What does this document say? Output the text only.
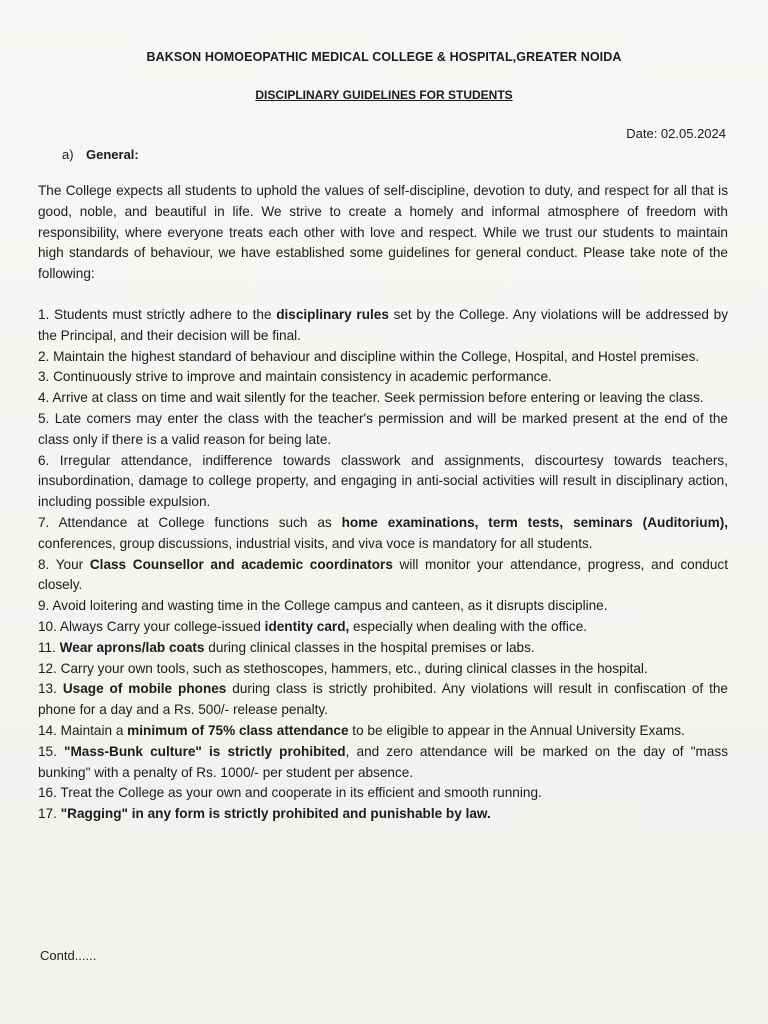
BAKSON HOMOEOPATHIC MEDICAL COLLEGE & HOSPITAL,GREATER NOIDA
DISCIPLINARY GUIDELINES FOR STUDENTS
Date: 02.05.2024
a) General:

The College expects all students to uphold the values of self-discipline, devotion to duty, and respect for all that is good, noble, and beautiful in life. We strive to create a homely and informal atmosphere of freedom with responsibility, where everyone treats each other with love and respect. While we trust our students to maintain high standards of behaviour, we have established some guidelines for general conduct. Please take note of the following:

1. Students must strictly adhere to the disciplinary rules set by the College. Any violations will be addressed by the Principal, and their decision will be final.
2. Maintain the highest standard of behaviour and discipline within the College, Hospital, and Hostel premises.
3. Continuously strive to improve and maintain consistency in academic performance.
4. Arrive at class on time and wait silently for the teacher. Seek permission before entering or leaving the class.
5. Late comers may enter the class with the teacher's permission and will be marked present at the end of the class only if there is a valid reason for being late.
6. Irregular attendance, indifference towards classwork and assignments, discourtesy towards teachers, insubordination, damage to college property, and engaging in anti-social activities will result in disciplinary action, including possible expulsion.
7. Attendance at College functions such as home examinations, term tests, seminars (Auditorium), conferences, group discussions, industrial visits, and viva voce is mandatory for all students.
8. Your Class Counsellor and academic coordinators will monitor your attendance, progress, and conduct closely.
9. Avoid loitering and wasting time in the College campus and canteen, as it disrupts discipline.
10. Always Carry your college-issued identity card, especially when dealing with the office.
11. Wear aprons/lab coats during clinical classes in the hospital premises or labs.
12. Carry your own tools, such as stethoscopes, hammers, etc., during clinical classes in the hospital.
13. Usage of mobile phones during class is strictly prohibited. Any violations will result in confiscation of the phone for a day and a Rs. 500/- release penalty.
14. Maintain a minimum of 75% class attendance to be eligible to appear in the Annual University Exams.
15. "Mass-Bunk culture" is strictly prohibited, and zero attendance will be marked on the day of "mass bunking" with a penalty of Rs. 1000/- per student per absence.
16. Treat the College as your own and cooperate in its efficient and smooth running.
17. "Ragging" in any form is strictly prohibited and punishable by law.
Contd......
